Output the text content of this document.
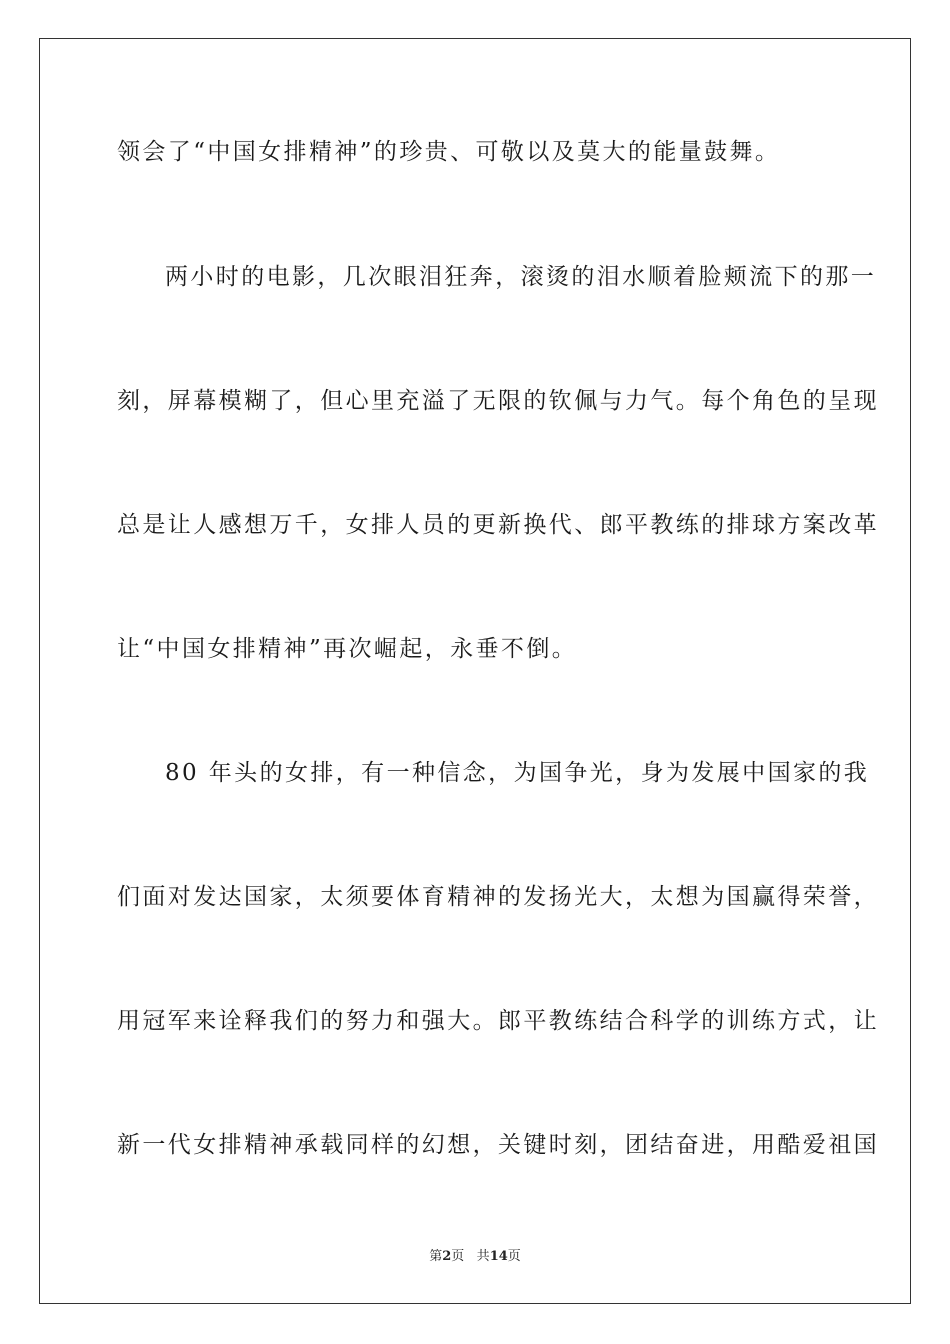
领会了“中国女排精神”的珍贵、可敬以及莫大的能量鼓舞。
两小时的电影，几次眼泪狂奔，滚烫的泪水顺着脸颊流下的那一
刻，屏幕模糊了，但心里充溢了无限的钦佩与力气。每个角色的呈现
总是让人感想万千，女排人员的更新换代、郎平教练的排球方案改革
让“中国女排精神”再次崛起，永垂不倒。
80 年头的女排，有一种信念，为国争光，身为发展中国家的我
们面对发达国家，太须要体育精神的发扬光大，太想为国赢得荣誉，
用冠军来诠释我们的努力和强大。郎平教练结合科学的训练方式，让
新一代女排精神承载同样的幻想，关键时刻，团结奋进，用酷爱祖国
第2页 共14页
